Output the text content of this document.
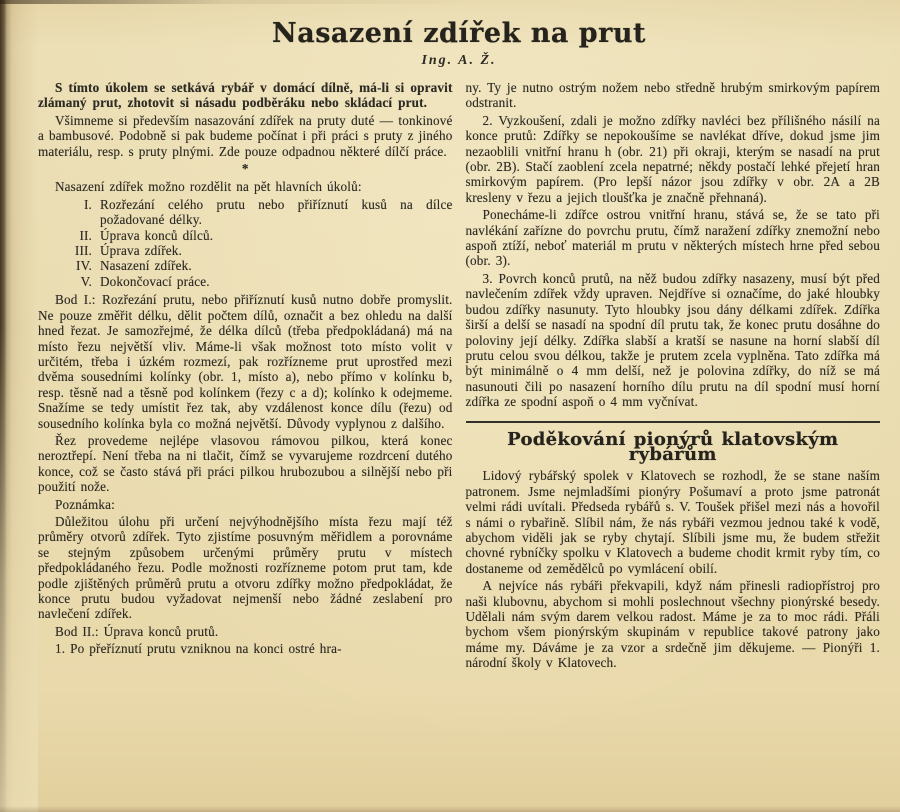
Nasazení zdířek na prut
Ing. A. Ž.

S tímto úkolem se setkává rybář v domácí dílně, má-li si opravit zlámaný prut, zhotovit si násadu podběráku nebo skládací prut.

Všimneme si především nasazování zdířek na pruty duté — tonkinové a bambusové. Podobně si pak budeme počínat i při práci s pruty z jiného materiálu, resp. s pruty plnými. Zde pouze odpadnou některé dílčí práce.

*

Nasazení zdířek možno rozdělit na pět hlavních úkolů:

I. Rozřezání celého prutu nebo přiříznutí kusů na dílce požadované délky.
II. Úprava konců dílců.
III. Úprava zdířek.
IV. Nasazení zdířek.
V. Dokončovací práce.

Bod I.: Rozřezání prutu, nebo přiříznutí kusů nutno dobře promyslit. Ne pouze změřit délku, dělit počtem dílů, označit a bez ohledu na další hned řezat. Je samozřejmé, že délka dílců (třeba předpokládaná) má na místo řezu největší vliv. Máme-li však možnost toto místo volit v určitém, třeba i úzkém rozmezí, pak rozřízneme prut uprostřed mezi dvěma sousedními kolínky (obr. 1, místo a), nebo přímo v kolínku b, resp. těsně nad a těsně pod kolínkem (řezy c a d); kolínko k odejmeme. Snažíme se tedy umístit řez tak, aby vzdálenost konce dílu (řezu) od sousedního kolínka byla co možná největší. Důvody vyplynou z dalšího.

Řez provedeme nejlépe vlasovou rámovou pilkou, která konec neroztřepí. Není třeba na ni tlačit, čímž se vyvarujeme rozdrcení dutého konce, což se často stává při práci pilkou hrubozubou a silnější nebo při použití nože.

Poznámka:

Důležitou úlohu při určení nejvýhodnějšího místa řezu mají též průměry otvorů zdířek. Tyto zjistíme posuvným měřidlem a porovnáme se stejným způsobem určenými průměry prutu v místech předpokládaného řezu. Podle možnosti rozřízneme potom prut tam, kde podle zjištěných průměrů prutu a otvoru zdířky možno předpokládat, že konce prutu budou vyžadovat nejmenší nebo žádné zeslabení pro navlečení zdířek.

Bod II.: Úprava konců prutů.

1. Po přeříznutí prutu vzniknou na konci ostré hra-

ny. Ty je nutno ostrým nožem nebo středně hrubým smirkovým papírem odstranit.

2. Vyzkoušení, zdali je možno zdířky navléci bez přílišného násilí na konce prutů: Zdířky se nepokoušíme se navlékat dříve, dokud jsme jim nezaoblili vnitřní hranu h (obr. 21) při okraji, kterým se nasadí na prut (obr. 2B). Stačí zaoblení zcela nepatrné; někdy postačí lehké přejetí hran smirkovým papírem. (Pro lepší názor jsou zdířky v obr. 2A a 2B kresleny v řezu a jejich tloušťka je značně přehnaná).

Ponecháme-li zdířce ostrou vnitřní hranu, stává se, že se tato při navlékání zařízne do povrchu prutu, čímž naražení zdířky znemožní nebo aspoň ztíží, neboť materiál m prutu v některých místech hrne před sebou (obr. 3).

3. Povrch konců prutů, na něž budou zdířky nasazeny, musí být před navlečením zdířek vždy upraven. Nejdříve si označíme, do jaké hloubky budou zdířky nasunuty. Tyto hloubky jsou dány délkami zdířek. Zdířka širší a delší se nasadí na spodní díl prutu tak, že konec prutu dosáhne do poloviny její délky. Zdířka slabší a kratší se nasune na horní slabší díl prutu celou svou délkou, takže je prutem zcela vyplněna. Tato zdířka má být minimálně o 4 mm delší, než je polovina zdířky, do níž se má nasunouti čili po nasazení horního dílu prutu na díl spodní musí horní zdířka ze spodní aspoň o 4 mm vyčnívat.

Poděkování pionýrů klatovským rybářům

Lidový rybářský spolek v Klatovech se rozhodl, že se stane naším patronem. Jsme nejmladšími pionýry Pošumaví a proto jsme patronát velmi rádi uvítali. Předseda rybářů s. V. Toušek přišel mezi nás a hovořil s námi o rybařině. Slíbil nám, že nás rybáři vezmou jednou také k vodě, abychom viděli jak se ryby chytají. Slíbili jsme mu, že budem střežit chovné rybníčky spolku v Klatovech a budeme chodit krmit ryby tím, co dostaneme od zemědělců po vymlácení obilí.

A nejvíce nás rybáři překvapili, když nám přinesli radiopřístroj pro naši klubovnu, abychom si mohli poslechnout všechny pionýrské besedy. Udělali nám svým darem velkou radost. Máme je za to moc rádi. Přáli bychom všem pionýrským skupinám v republice takové patrony jako máme my. Dáváme je za vzor a srdečně jim děkujeme. — Pionýři 1. národní školy v Klatovech.
